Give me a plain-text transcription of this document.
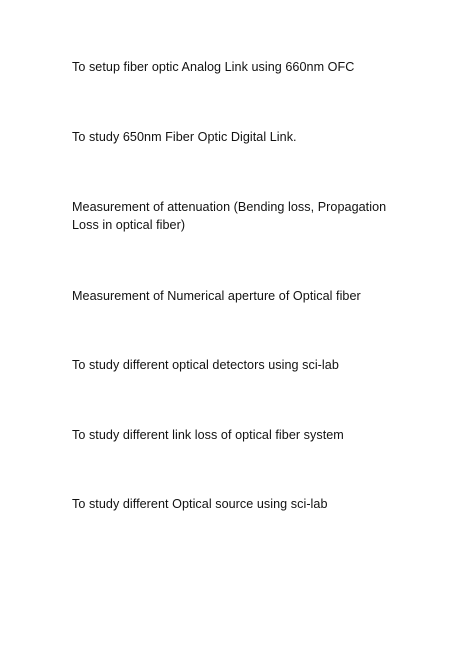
To setup fiber optic Analog Link using 660nm OFC
To study 650nm Fiber Optic Digital Link.
Measurement of attenuation (Bending loss, Propagation Loss in optical fiber)
Measurement of Numerical aperture of Optical fiber
To study different optical detectors using sci-lab
To study different link loss of optical fiber system
To study different Optical source using sci-lab
